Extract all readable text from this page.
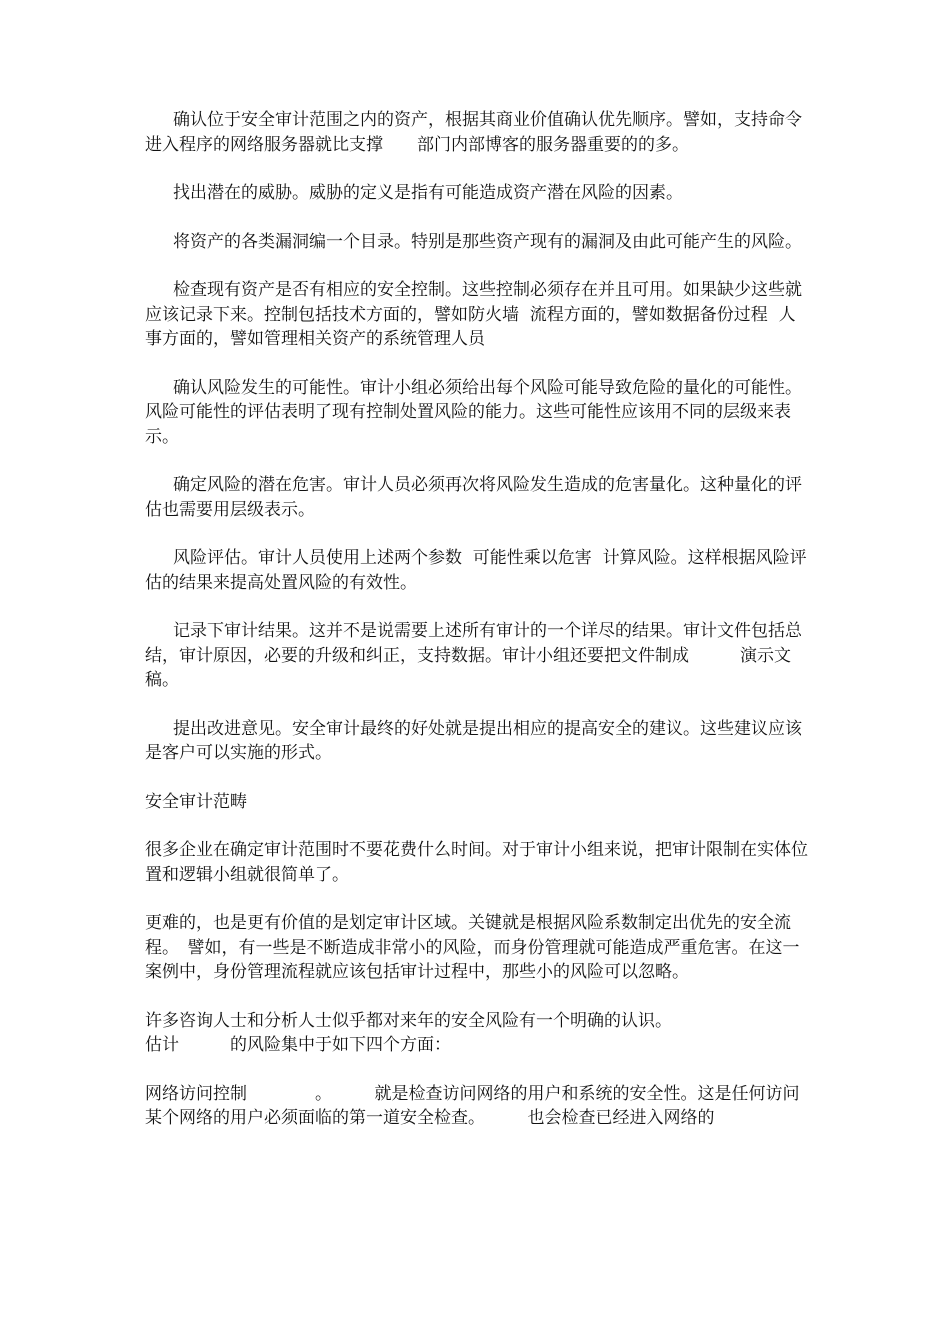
确认位于安全审计范围之内的资产，根据其商业价值确认优先顺序。譬如，支持命令进入程序的网络服务器就比支撑　　部门内部博客的服务器重要的的多。

找出潜在的威胁。威胁的定义是指有可能造成资产潜在风险的因素。

将资产的各类漏洞编一个目录。特别是那些资产现有的漏洞及由此可能产生的风险。

检查现有资产是否有相应的安全控制。这些控制必须存在并且可用。如果缺少这些就应该记录下来。控制包括技术方面的，譬如防火墙  流程方面的，譬如数据备份过程  人事方面的，譬如管理相关资产的系统管理人员

确认风险发生的可能性。审计小组必须给出每个风险可能导致危险的量化的可能性。风险可能性的评估表明了现有控制处置风险的能力。这些可能性应该用不同的层级来表示。

确定风险的潜在危害。审计人员必须再次将风险发生造成的危害量化。这种量化的评估也需要用层级表示。

风险评估。审计人员使用上述两个参数  可能性乘以危害  计算风险。这样根据风险评估的结果来提高处置风险的有效性。

记录下审计结果。这并不是说需要上述所有审计的一个详尽的结果。审计文件包括总结，审计原因，必要的升级和纠正，支持数据。审计小组还要把文件制成　　　演示文稿。

提出改进意见。安全审计最终的好处就是提出相应的提高安全的建议。这些建议应该是客户可以实施的形式。

安全审计范畴

很多企业在确定审计范围时不要花费什么时间。对于审计小组来说，把审计限制在实体位置和逻辑小组就很简单了。

更难的，也是更有价值的是划定审计区域。关键就是根据风险系数制定出优先的安全流程。　譬如，有一些是不断造成非常小的风险，而身份管理就可能造成严重危害。在这一案例中，身份管理流程就应该包括审计过程中，那些小的风险可以忽略。

许多咨询人士和分析人士似乎都对来年的安全风险有一个明确的认识。

估计　　　的风险集中于如下四个方面：

网络访问控制　　　　。　　　就是检查访问网络的用户和系统的安全性。这是任何访问某个网络的用户必须面临的第一道安全检查。　　　也会检查已经进入网络的
